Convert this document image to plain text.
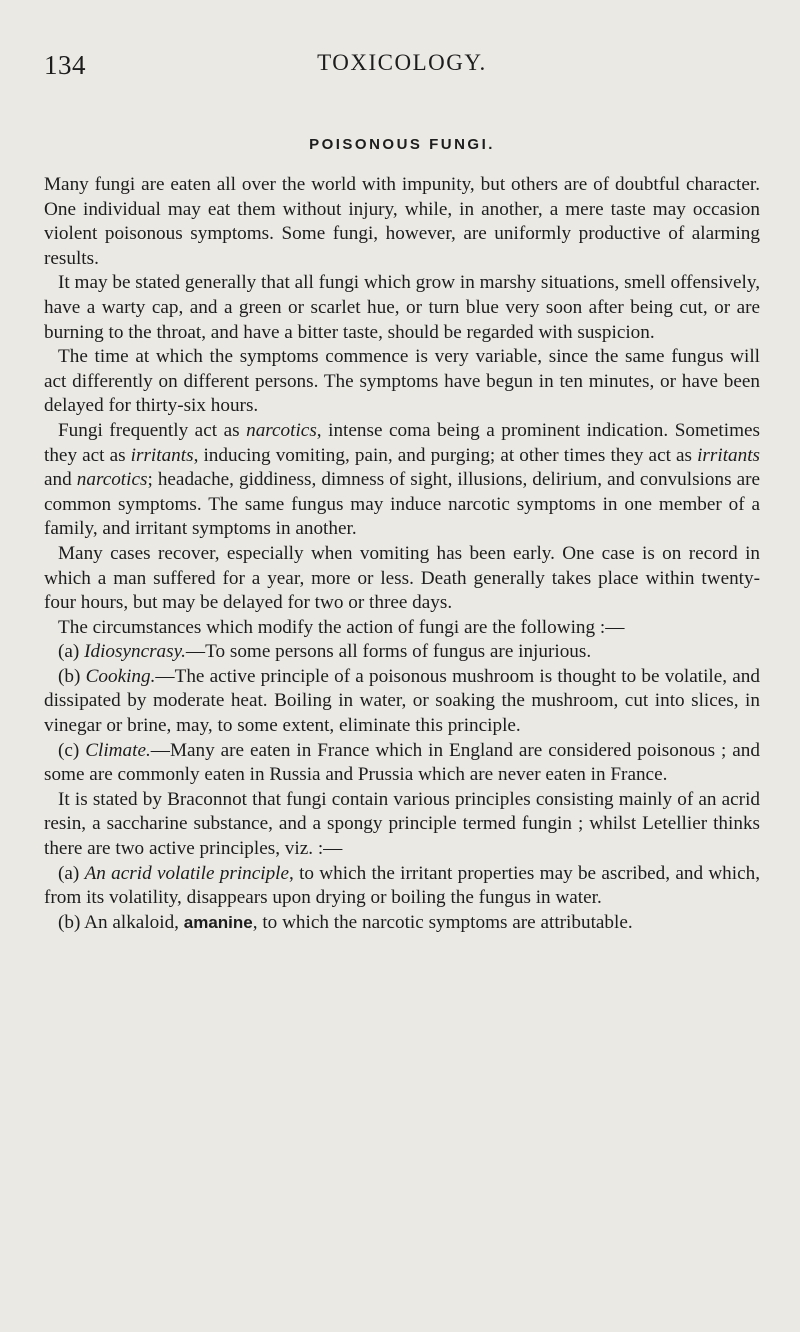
134	TOXICOLOGY.
POISONOUS FUNGI.

Many fungi are eaten all over the world with impunity, but others are of doubtful character. One individual may eat them without injury, while, in another, a mere taste may occasion violent poisonous symptoms. Some fungi, however, are uniformly productive of alarming results.

It may be stated generally that all fungi which grow in marshy situations, smell offensively, have a warty cap, and a green or scarlet hue, or turn blue very soon after being cut, or are burning to the throat, and have a bitter taste, should be regarded with suspicion.

The time at which the symptoms commence is very variable, since the same fungus will act differently on different persons. The symptoms have begun in ten minutes, or have been delayed for thirty-six hours.

Fungi frequently act as narcotics, intense coma being a prominent indication. Sometimes they act as irritants, inducing vomiting, pain, and purging; at other times they act as irritants and narcotics; headache, giddiness, dimness of sight, illusions, delirium, and convulsions are common symptoms. The same fungus may induce narcotic symptoms in one member of a family, and irritant symptoms in another.

Many cases recover, especially when vomiting has been early. One case is on record in which a man suffered for a year, more or less. Death generally takes place within twenty-four hours, but may be delayed for two or three days.

The circumstances which modify the action of fungi are the following :—

(a) Idiosyncrasy.—To some persons all forms of fungus are injurious.

(b) Cooking.—The active principle of a poisonous mushroom is thought to be volatile, and dissipated by moderate heat. Boiling in water, or soaking the mushroom, cut into slices, in vinegar or brine, may, to some extent, eliminate this principle.

(c) Climate.—Many are eaten in France which in England are considered poisonous ; and some are commonly eaten in Russia and Prussia which are never eaten in France.

It is stated by Braconnot that fungi contain various principles consisting mainly of an acrid resin, a saccharine substance, and a spongy principle termed fungin ; whilst Letellier thinks there are two active principles, viz. :—

(a) An acrid volatile principle, to which the irritant properties may be ascribed, and which, from its volatility, disappears upon drying or boiling the fungus in water.

(b) An alkaloid, amanine, to which the narcotic symptoms are attributable.
